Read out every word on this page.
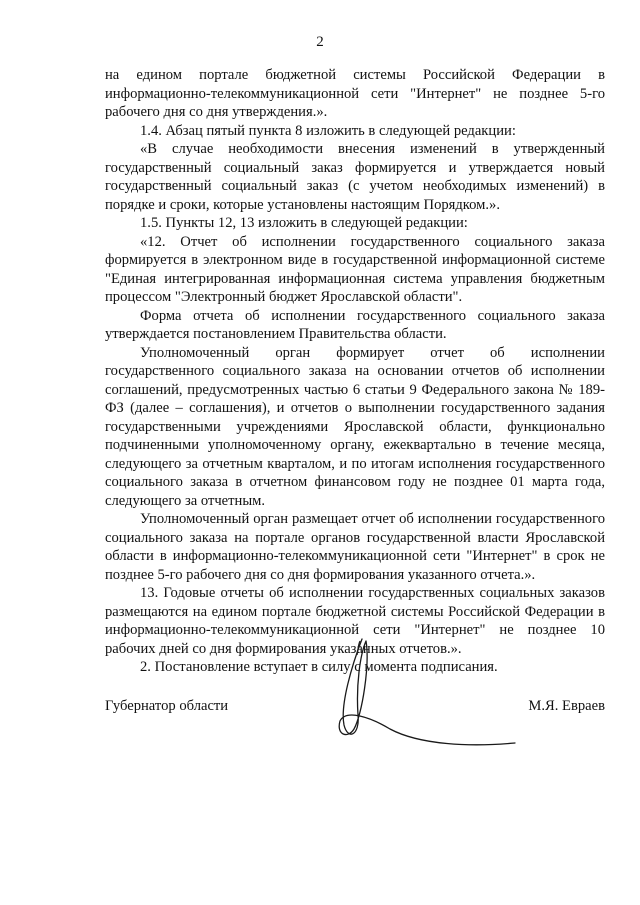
2

на едином портале бюджетной системы Российской Федерации в информационно-телекоммуникационной сети "Интернет" не позднее 5-го рабочего дня со дня утверждения.».

1.4. Абзац пятый пункта 8 изложить в следующей редакции:

«В случае необходимости внесения изменений в утвержденный государственный социальный заказ формируется и утверждается новый государственный социальный заказ (с учетом необходимых изменений) в порядке и сроки, которые установлены настоящим Порядком.».

1.5. Пункты 12, 13 изложить в следующей редакции:

«12. Отчет об исполнении государственного социального заказа формируется в электронном виде в государственной информационной системе "Единая интегрированная информационная система управления бюджетным процессом "Электронный бюджет Ярославской области".

Форма отчета об исполнении государственного социального заказа утверждается постановлением Правительства области.

Уполномоченный орган формирует отчет об исполнении государственного социального заказа на основании отчетов об исполнении соглашений, предусмотренных частью 6 статьи 9 Федерального закона № 189-ФЗ (далее – соглашения), и отчетов о выполнении государственного задания государственными учреждениями Ярославской области, функционально подчиненными уполномоченному органу, ежеквартально в течение месяца, следующего за отчетным кварталом, и по итогам исполнения государственного социального заказа в отчетном финансовом году не позднее 01 марта года, следующего за отчетным.

Уполномоченный орган размещает отчет об исполнении государственного социального заказа на портале органов государственной власти Ярославской области в информационно-телекоммуникационной сети "Интернет" в срок не позднее 5-го рабочего дня со дня формирования указанного отчета.».

13. Годовые отчеты об исполнении государственных социальных заказов размещаются на едином портале бюджетной системы Российской Федерации в информационно-телекоммуникационной сети "Интернет" не позднее 10 рабочих дней со дня формирования указанных отчетов.».

2. Постановление вступает в силу с момента подписания.

Губернатор области	М.Я. Евраев
